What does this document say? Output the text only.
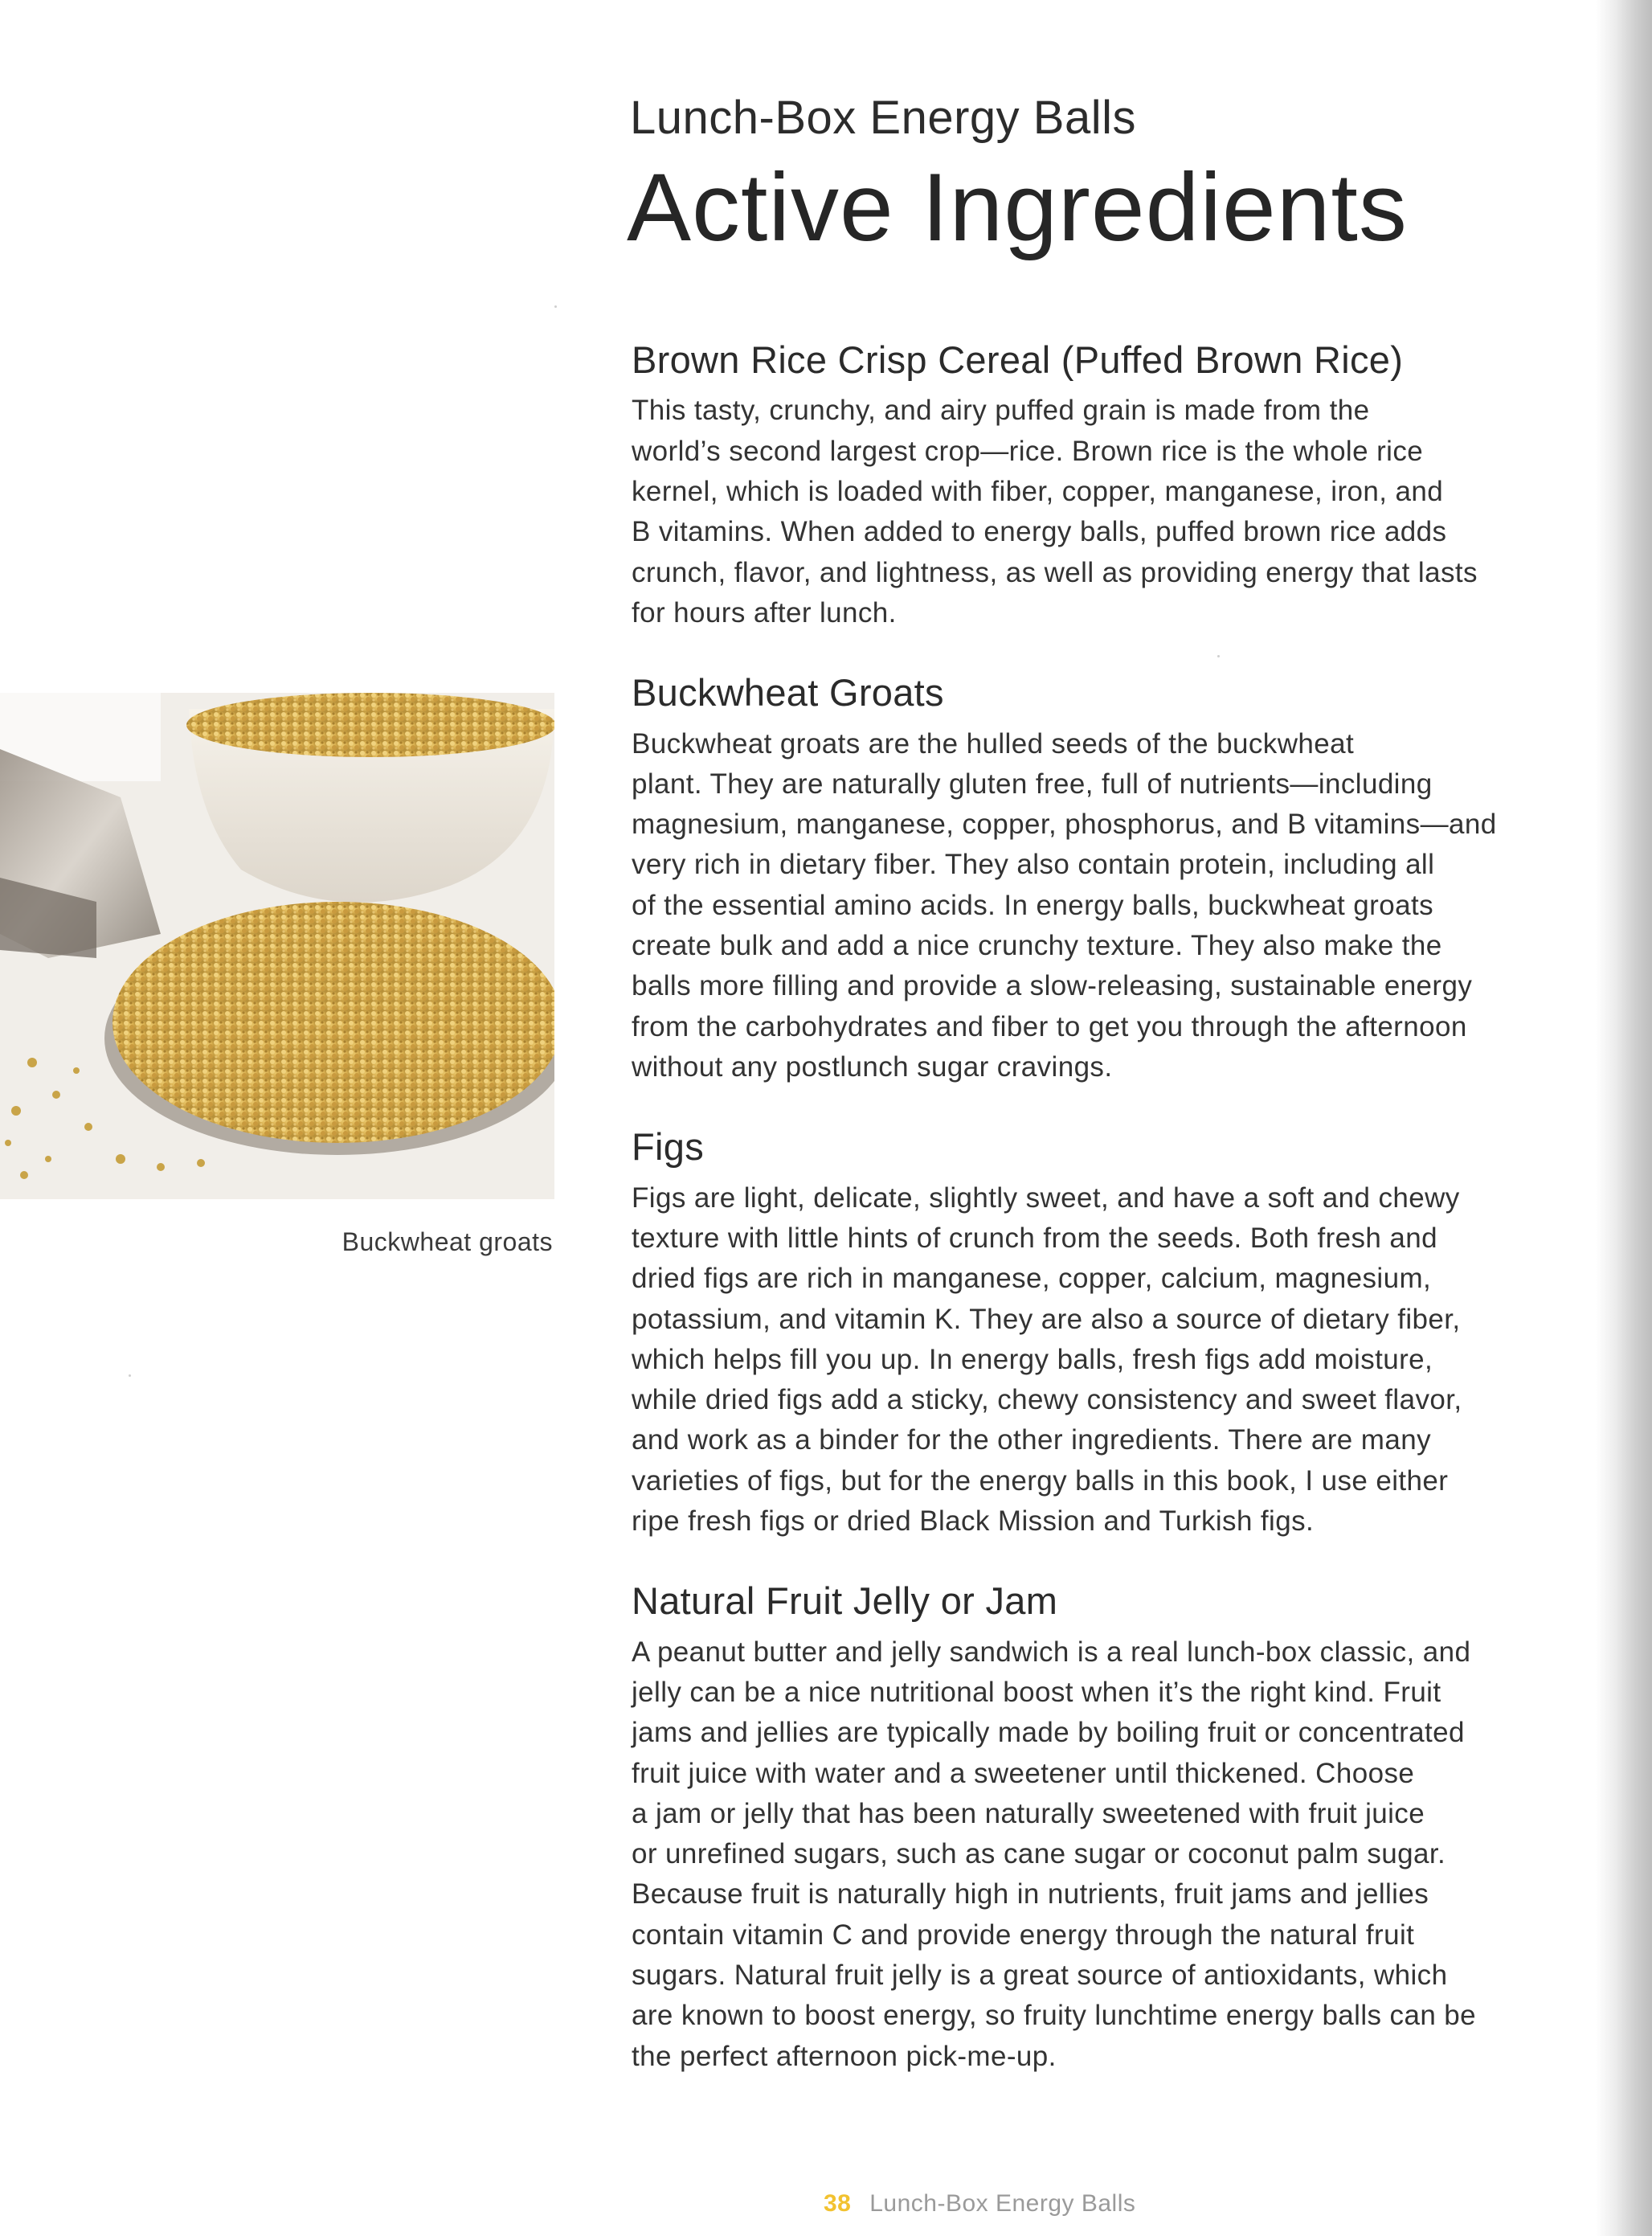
Lunch-Box Energy Balls
Active Ingredients
Buckwheat groats
Brown Rice Crisp Cereal (Puffed Brown Rice)

This tasty, crunchy, and airy puffed grain is made from the
world’s second largest crop—rice. Brown rice is the whole rice
kernel, which is loaded with fiber, copper, manganese, iron, and
B vitamins. When added to energy balls, puffed brown rice adds
crunch, flavor, and lightness, as well as providing energy that lasts
for hours after lunch.

Buckwheat Groats

Buckwheat groats are the hulled seeds of the buckwheat
plant. They are naturally gluten free, full of nutrients—including
magnesium, manganese, copper, phosphorus, and B vitamins—and
very rich in dietary fiber. They also contain protein, including all
of the essential amino acids. In energy balls, buckwheat groats
create bulk and add a nice crunchy texture. They also make the
balls more filling and provide a slow-releasing, sustainable energy
from the carbohydrates and fiber to get you through the afternoon
without any postlunch sugar cravings.

Figs

Figs are light, delicate, slightly sweet, and have a soft and chewy
texture with little hints of crunch from the seeds. Both fresh and
dried figs are rich in manganese, copper, calcium, magnesium,
potassium, and vitamin K. They are also a source of dietary fiber,
which helps fill you up. In energy balls, fresh figs add moisture,
while dried figs add a sticky, chewy consistency and sweet flavor,
and work as a binder for the other ingredients. There are many
varieties of figs, but for the energy balls in this book, I use either
ripe fresh figs or dried Black Mission and Turkish figs.

Natural Fruit Jelly or Jam

A peanut butter and jelly sandwich is a real lunch-box classic, and
jelly can be a nice nutritional boost when it’s the right kind. Fruit
jams and jellies are typically made by boiling fruit or concentrated
fruit juice with water and a sweetener until thickened. Choose
a jam or jelly that has been naturally sweetened with fruit juice
or unrefined sugars, such as cane sugar or coconut palm sugar.
Because fruit is naturally high in nutrients, fruit jams and jellies
contain vitamin C and provide energy through the natural fruit
sugars. Natural fruit jelly is a great source of antioxidants, which
are known to boost energy, so fruity lunchtime energy balls can be
the perfect afternoon pick-me-up.

38 Lunch-Box Energy Balls
